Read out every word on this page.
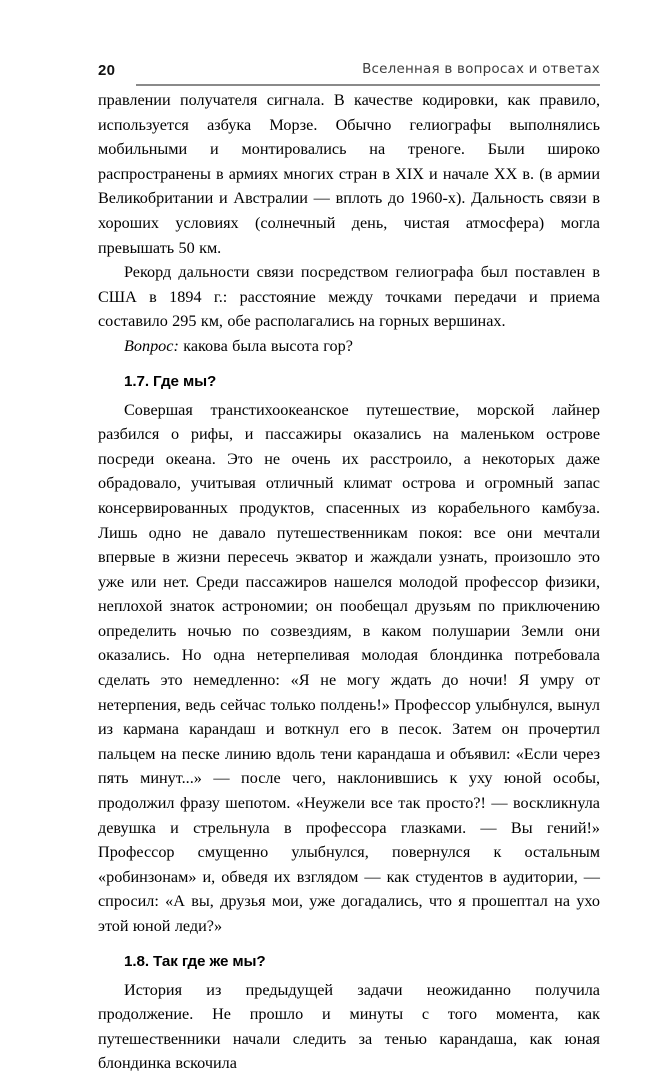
20	Вселенная в вопросах и ответах

правлении получателя сигнала. В качестве кодировки, как правило, используется азбука Морзе. Обычно гелиографы выполнялись мобильными и монтировались на треноге. Были широко распространены в армиях многих стран в XIX и начале XX в. (в армии Великобритании и Австралии — вплоть до 1960-х). Дальность связи в хороших условиях (солнечный день, чистая атмосфера) могла превышать 50 км.

Рекорд дальности связи посредством гелиографа был поставлен в США в 1894 г.: расстояние между точками передачи и приема составило 295 км, обе располагались на горных вершинах.

Вопрос: какова была высота гор?

1.7. Где мы?

Совершая транстихоокеанское путешествие, морской лайнер разбился о рифы, и пассажиры оказались на маленьком острове посреди океана. Это не очень их расстроило, а некоторых даже обрадовало, учитывая отличный климат острова и огромный запас консервированных продуктов, спасенных из корабельного камбуза. Лишь одно не давало путешественникам покоя: все они мечтали впервые в жизни пересечь экватор и жаждали узнать, произошло это уже или нет. Среди пассажиров нашелся молодой профессор физики, неплохой знаток астрономии; он пообещал друзьям по приключению определить ночью по созвездиям, в каком полушарии Земли они оказались. Но одна нетерпеливая молодая блондинка потребовала сделать это немедленно: «Я не могу ждать до ночи! Я умру от нетерпения, ведь сейчас только полдень!» Профессор улыбнулся, вынул из кармана карандаш и воткнул его в песок. Затем он прочертил пальцем на песке линию вдоль тени карандаша и объявил: «Если через пять минут...» — после чего, наклонившись к уху юной особы, продолжил фразу шепотом. «Неужели все так просто?! — воскликнула девушка и стрельнула в профессора глазками. — Вы гений!» Профессор смущенно улыбнулся, повернулся к остальным «робинзонам» и, обведя их взглядом — как студентов в аудитории, — спросил: «А вы, друзья мои, уже догадались, что я прошептал на ухо этой юной леди?»

1.8. Так где же мы?

История из предыдущей задачи неожиданно получила продолжение. Не прошло и минуты с того момента, как путешественники начали следить за тенью карандаша, как юная блондинка вскочила
